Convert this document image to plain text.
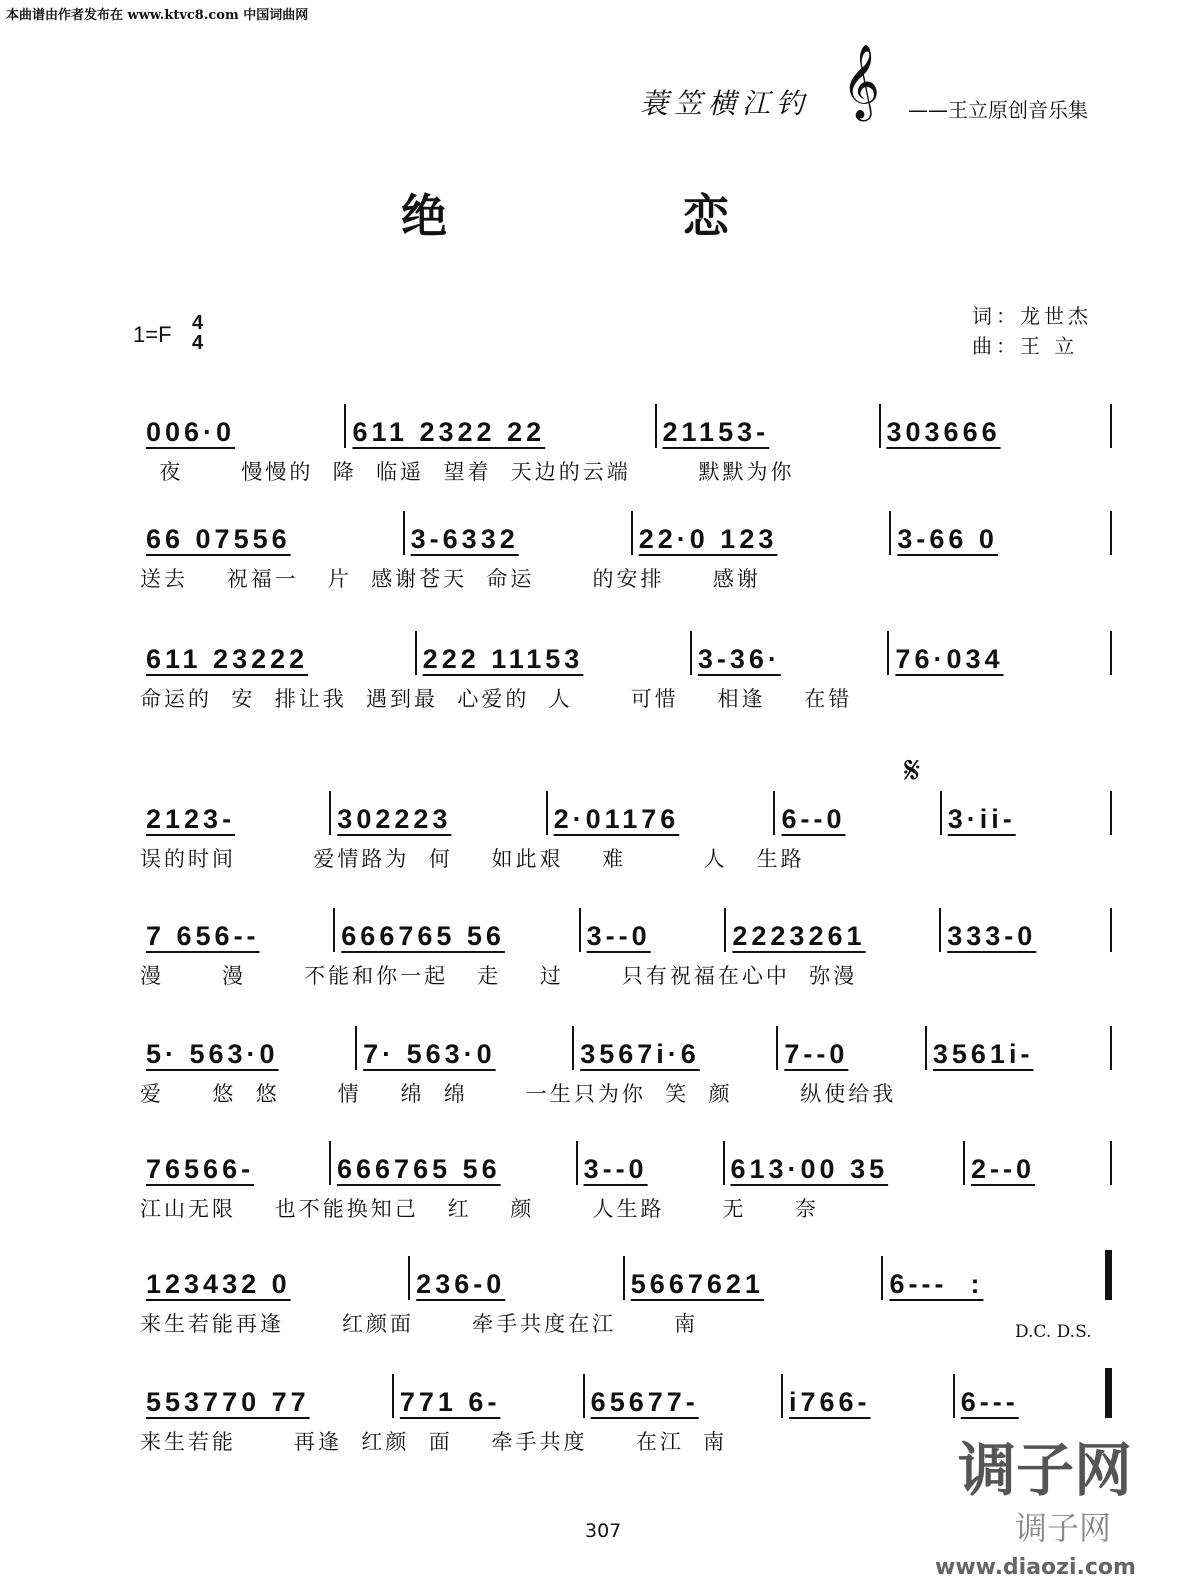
本曲谱由作者发布在 www.ktvc8.com 中国词曲网
蓑笠横江钓 𝄞	——王立原创音乐集
绝 恋
1=F 4
4
词：龙世杰
曲：王 立
𝄋
D.C. D.S.
307
调子网
调子网
www.diaozi.com
006·0	611 2322 22	21153-	303666
夜      慢慢的  降  临遥  望着  天边的云端       默默为你
66 07556	3-6332	22·0 123	3-66 0
送去    祝福一   片  感谢苍天  命运      的安排     感谢
611 23222	222 11153	3-36·	76·034
命运的  安  排让我  遇到最  心爱的  人      可惜    相逢    在错
2123-	302223	2·01176	6--0	3·ii-
误的时间        爱情路为  何    如此艰    难        人   生路
7 656--	666765 56	3--0	2223261	333-0
漫      漫      不能和你一起   走    过      只有祝福在心中  弥漫
5· 563·0	7· 563·0	3567i·6	7--0	3561i-
爱     悠  悠      情    绵  绵      一生只为你  笑  颜       纵使给我
76566-	666765 56	3--0	613·00 35	2--0
江山无限    也不能换知己   红    颜      人生路      无     奈
123432 0	236-0	5667621	6---  :
来生若能再逢      红颜面      牵手共度在江      南
553770 77	771 6-	65677-	i766-	6---
来生若能      再逢  红颜  面    牵手共度     在江  南
